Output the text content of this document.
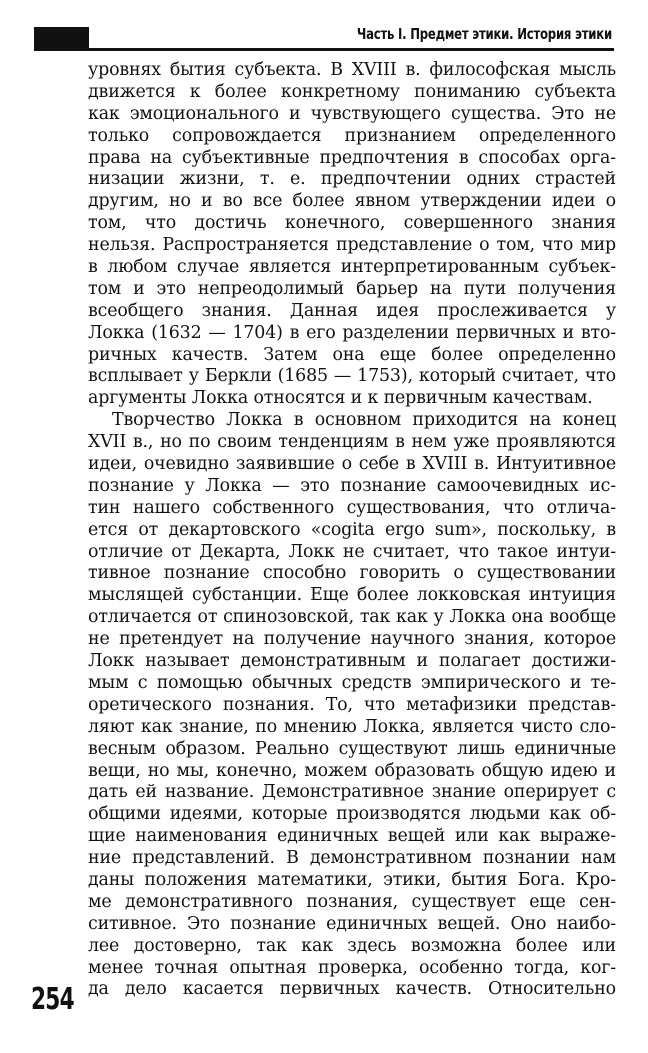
Часть I. Предмет этики. История этики
уровнях бытия субъекта. В XVIII в. философская мысль
движется к более конкретному пониманию субъекта
как эмоционального и чувствующего существа. Это не
только сопровождается признанием определенного
права на субъективные предпочтения в способах орга-
низации жизни, т. е. предпочтении одних страстей
другим, но и во все более явном утверждении идеи о
том, что достичь конечного, совершенного знания
нельзя. Распространяется представление о том, что мир
в любом случае является интерпретированным субъек-
том и это непреодолимый барьер на пути получения
всеобщего знания. Данная идея прослеживается у
Локка (1632 — 1704) в его разделении первичных и вто-
ричных качеств. Затем она еще более определенно
всплывает у Беркли (1685 — 1753), который считает, что
аргументы Локка относятся и к первичным качествам.
Творчество Локка в основном приходится на конец
XVII в., но по своим тенденциям в нем уже проявляются
идеи, очевидно заявившие о себе в XVIII в. Интуитивное
познание у Локка — это познание самоочевидных ис-
тин нашего собственного существования, что отлича-
ется от декартовского «cogita ergo sum», поскольку, в
отличие от Декарта, Локк не считает, что такое интуи-
тивное познание способно говорить о существовании
мыслящей субстанции. Еще более локковская интуиция
отличается от спинозовской, так как у Локка она вообще
не претендует на получение научного знания, которое
Локк называет демонстративным и полагает достижи-
мым с помощью обычных средств эмпирического и те-
оретического познания. То, что метафизики представ-
ляют как знание, по мнению Локка, является чисто сло-
весным образом. Реально существуют лишь единичные
вещи, но мы, конечно, можем образовать общую идею и
дать ей название. Демонстративное знание оперирует с
общими идеями, которые производятся людьми как об-
щие наименования единичных вещей или как выраже-
ние представлений. В демонстративном познании нам
даны положения математики, этики, бытия Бога. Кро-
ме демонстративного познания, существует еще сен-
ситивное. Это познание единичных вещей. Оно наибо-
лее достоверно, так как здесь возможна более или
менее точная опытная проверка, особенно тогда, ког-
да дело касается первичных качеств. Относительно
254
